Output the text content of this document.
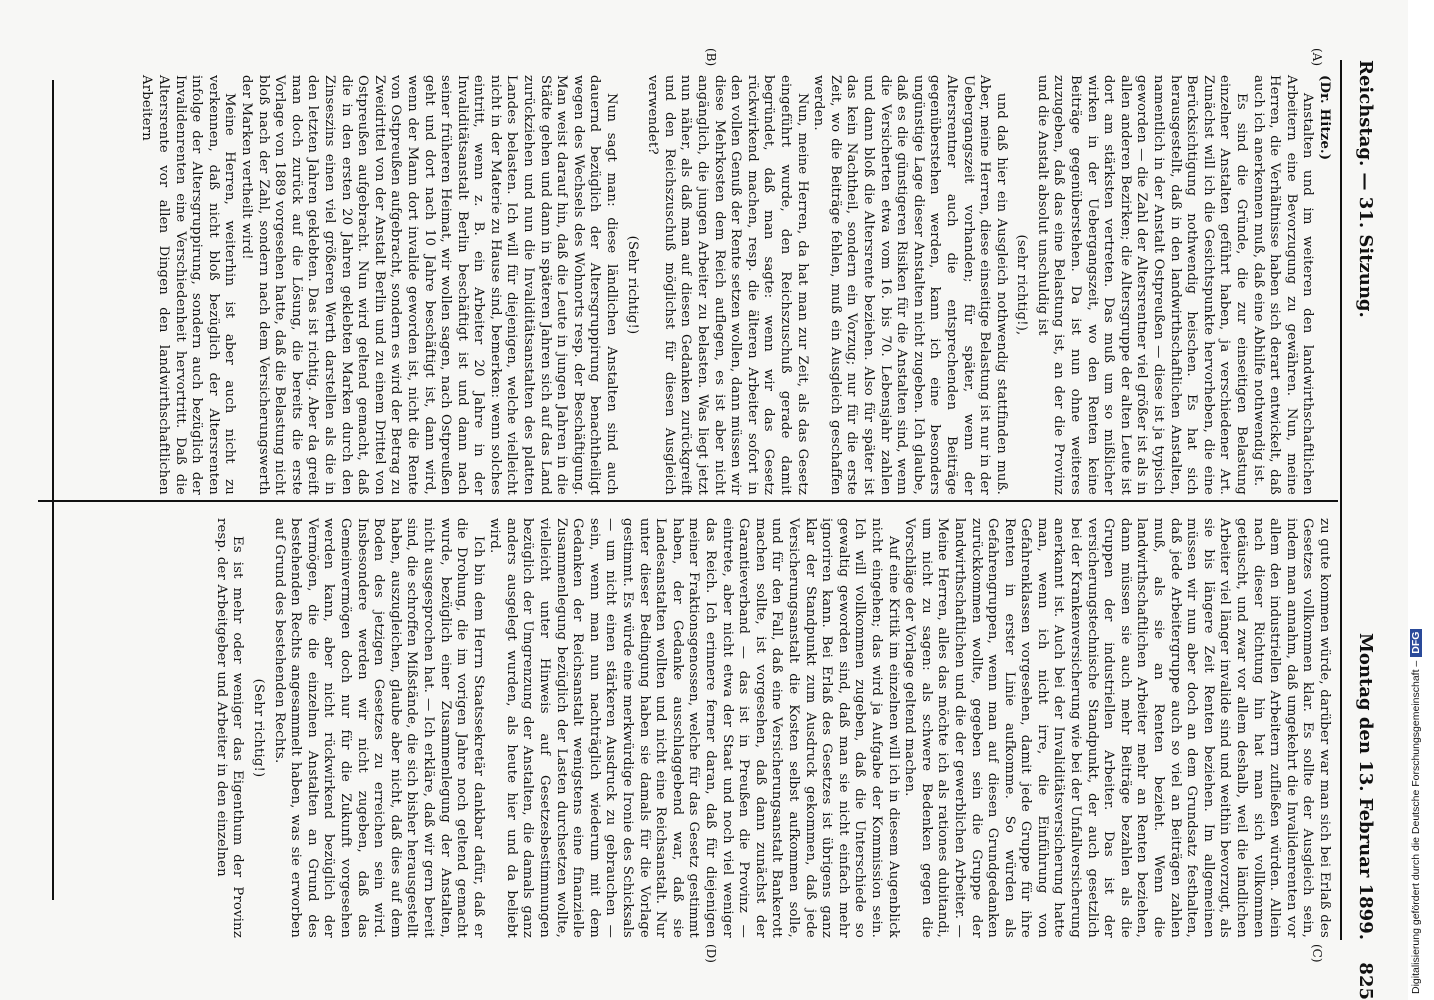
Reichstag. — 31. Sitzung.
Montag den 13. Februar 1899.
825
(A)
(B)
(C)
(D)

(Dr. Hitze.)

Anstalten und im weiteren den landwirthschaftlichen Arbeitern eine Bevorzugung zu gewähren. Nun, meine Herren, die Verhältnisse haben sich derart entwickelt, daß auch ich anerkennen muß, daß eine Abhilfe nothwendig ist.

Es sind die Gründe, die zur einseitigen Belastung einzelner Anstalten geführt haben, ja verschiedener Art. Zunächst will ich die Gesichtspunkte hervorheben, die eine Berücksichtigung nothwendig heischen. Es hat sich herausgestellt, daß in den landwirthschaftlichen Anstalten, namentlich in der Anstalt Ostpreußen — diese ist ja typisch geworden — die Zahl der Altersrentner viel größer ist als in allen anderen Bezirken; die Altersgruppe der alten Leute ist dort am stärksten vertreten. Das muß um so mißlicher wirken in der Uebergangszeit, wo den Renten keine Beiträge gegenüberstehen. Da ist nun ohne weiteres zuzugeben, daß das eine Belastung ist, an der die Provinz und die Anstalt absolut unschuldig ist

(sehr richtig!),

und daß hier ein Ausgleich nothwendig stattfinden muß. Aber, meine Herren, diese einseitige Belastung ist nur in der Uebergangszeit vorhanden; für später, wenn der Altersrentner auch die entsprechenden Beiträge gegenüberstehen werden, kann ich eine besonders ungünstige Lage dieser Anstalten nicht zugeben. Ich glaube, daß es die günstigeren Risiken für die Anstalten sind, wenn die Versicherten etwa vom 16. bis 70. Lebensjahr zahlen und dann bloß die Altersrente beziehen. Also für später ist das kein Nachtheil, sondern ein Vorzug; nur für die erste Zeit, wo die Beiträge fehlen, muß ein Ausgleich geschaffen werden.

Nun, meine Herren, da hat man zur Zeit, als das Gesetz eingeführt wurde, den Reichszuschuß gerade damit begründet, daß man sagte: wenn wir das Gesetz rückwirkend machen, resp. die älteren Arbeiter sofort in den vollen Genuß der Rente setzen wollen, dann müssen wir diese Mehrkosten dem Reich auflegen, es ist aber nicht angänglich, die jungen Arbeiter zu belasten. Was liegt jetzt nun näher, als daß man auf diesen Gedanken zurückgreift und den Reichszuschuß möglichst für diesen Ausgleich verwendet?

(Sehr richtig!)

Nun sagt man: diese ländlichen Anstalten sind auch dauernd bezüglich der Altersgruppirung benachtheiligt wegen des Wechsels des Wohnorts resp. der Beschäftigung. Man weist darauf hin, daß die Leute in jungen Jahren in die Städte gehen und dann in späteren Jahren sich auf das Land zurückziehen und nun die Invaliditätsanstalten des platten Landes belasten. Ich will für diejenigen, welche vielleicht nicht in der Materie zu Hause sind, bemerken: wenn solches eintritt, wenn z. B. ein Arbeiter 20 Jahre in der Invaliditätsanstalt Berlin beschäftigt ist und dann nach seiner früheren Heimat, wir wollen sagen, nach Ostpreußen geht und dort nach 10 Jahre beschäftigt ist, dann wird, wenn der Mann dort invalide geworden ist, nicht die Rente von Ostpreußen aufgebracht, sondern es wird der Betrag zu Zweidrittel von der Anstalt Berlin und zu einem Drittel von Ostpreußen aufgebracht. Nun wird geltend gemacht, daß die in den ersten 20 Jahren geklebten Marken durch den Zinseszins einen viel größeren Werth darstellen als die in den letzten Jahren geklebten. Das ist richtig. Aber da greift man doch zurück auf die Lösung, die bereits die erste Vorlage von 1889 vorgesehen hatte, daß die Belastung nicht bloß nach der Zahl, sondern nach dem Versicherungswerth der Marken vertheilt wird!

Meine Herren, weiterhin ist aber auch nicht zu verkennen, daß nicht bloß bezüglich der Altersrenten infolge der Altersgruppirung, sondern auch bezüglich der Invalidenrenten eine Verschiedenheit hervortritt. Daß die Altersrente vor allen Dingen den landwirthschaftlichen Arbeitern

zu gute kommen würde, darüber war man sich bei Erlaß des Gesetzes vollkommen klar. Es sollte der Ausgleich sein, indem man annahm, daß umgekehrt die Invalidenrenten vor allem den industriellen Arbeitern zufließen würden. Allein nach dieser Richtung hin hat man sich vollkommen getäuscht, und zwar vor allem deshalb, weil die ländlichen Arbeiter viel länger invalide sind und weithin bevorzugt, als sie bis längere Zeit Renten beziehen. Im allgemeinen müssen wir nun aber doch an dem Grundsatz festhalten, daß jede Arbeitergruppe auch so viel an Beiträgen zahlen muß, als sie an Renten bezieht. Wenn die landwirthschaftlichen Arbeiter mehr an Renten beziehen, dann müssen sie auch mehr Beiträge bezahlen als die Gruppen der industriellen Arbeiter. Das ist der versicherungstechnische Standpunkt, der auch gesetzlich bei der Krankenversicherung wie bei der Unfallversicherung anerkannt ist. Auch bei der Invaliditätsversicherung hatte man, wenn ich nicht irre, die Einführung von Gefahrenklassen vorgesehen, damit jede Gruppe für ihre Renten in erster Linie aufkomme. So würden als Gefahrengruppen, wenn man auf diesen Grundgedanken zurückkommen wollte, gegeben sein die Gruppe der landwirthschaftlichen und die der gewerblichen Arbeiter. — Meine Herren, alles das möchte ich als rationes dubitandi, um nicht zu sagen: als schwere Bedenken gegen die Vorschläge der Vorlage geltend machen.

Auf eine Kritik im einzelnen will ich in diesem Augenblick nicht eingehen; das wird ja Aufgabe der Kommission sein. Ich will vollkommen zugeben, daß die Unterschiede so gewaltig geworden sind, daß man sie nicht einfach mehr ignoriren kann. Bei Erlaß des Gesetzes ist übrigens ganz klar der Standpunkt zum Ausdruck gekommen, daß jede Versicherungsanstalt die Kosten selbst aufkommen solle, und für den Fall, daß eine Versicherungsanstalt Bankerott machen sollte, ist vorgesehen, daß dann zunächst der Garantieverband — das ist in Preußen die Provinz — eintrete, aber nicht etwa der Staat und noch viel weniger das Reich. Ich erinnere ferner daran, daß für diejenigen meiner Fraktionsgenossen, welche für das Gesetz gestimmt haben, der Gedanke ausschlaggebend war, daß sie Landesanstalten wollten und nicht eine Reichsanstalt. Nur unter dieser Bedingung haben sie damals für die Vorlage gestimmt. Es würde eine merkwürdige Ironie des Schicksals — um nicht einen stärkeren Ausdruck zu gebrauchen — sein, wenn man nun nachträglich wiederum mit dem Gedanken der Reichsanstalt wenigstens eine finanzielle Zusammenlegung bezüglich der Lasten durchsetzen wollte, vielleicht unter Hinweis auf Gesetzesbestimmungen bezüglich der Umgrenzung der Anstalten, die damals ganz anders ausgelegt wurden, als heute hier und da beliebt wird.

Ich bin dem Herrn Staatssekretär dankbar dafür, daß er die Drohung, die im vorigen Jahre noch geltend gemacht wurde, bezüglich einer Zusammenlegung der Anstalten, nicht ausgesprochen hat. — Ich erkläre, daß wir gern bereit sind, die schroffen Mißstände, die sich bisher herausgestellt haben, auszugleichen, glaube aber nicht, daß dies auf dem Boden des jetzigen Gesetzes zu erreichen sein wird. Insbesondere werden wir nicht zugeben, daß das Gemeinvermögen doch nur für die Zukunft vorgesehen werden kann, aber nicht rückwirkend bezüglich der Vermögen, die die einzelnen Anstalten an Grund des bestehenden Rechts angesammelt haben, was sie erworben auf Grund des bestehenden Rechts.

(Sehr richtig!)

Es ist mehr oder weniger das Eigenthum der Provinz resp. der Arbeitgeber und Arbeiter in den einzelnen	Digitalisierung gefördert durch die Deutsche Forschungsgemeinschaft –DFG
